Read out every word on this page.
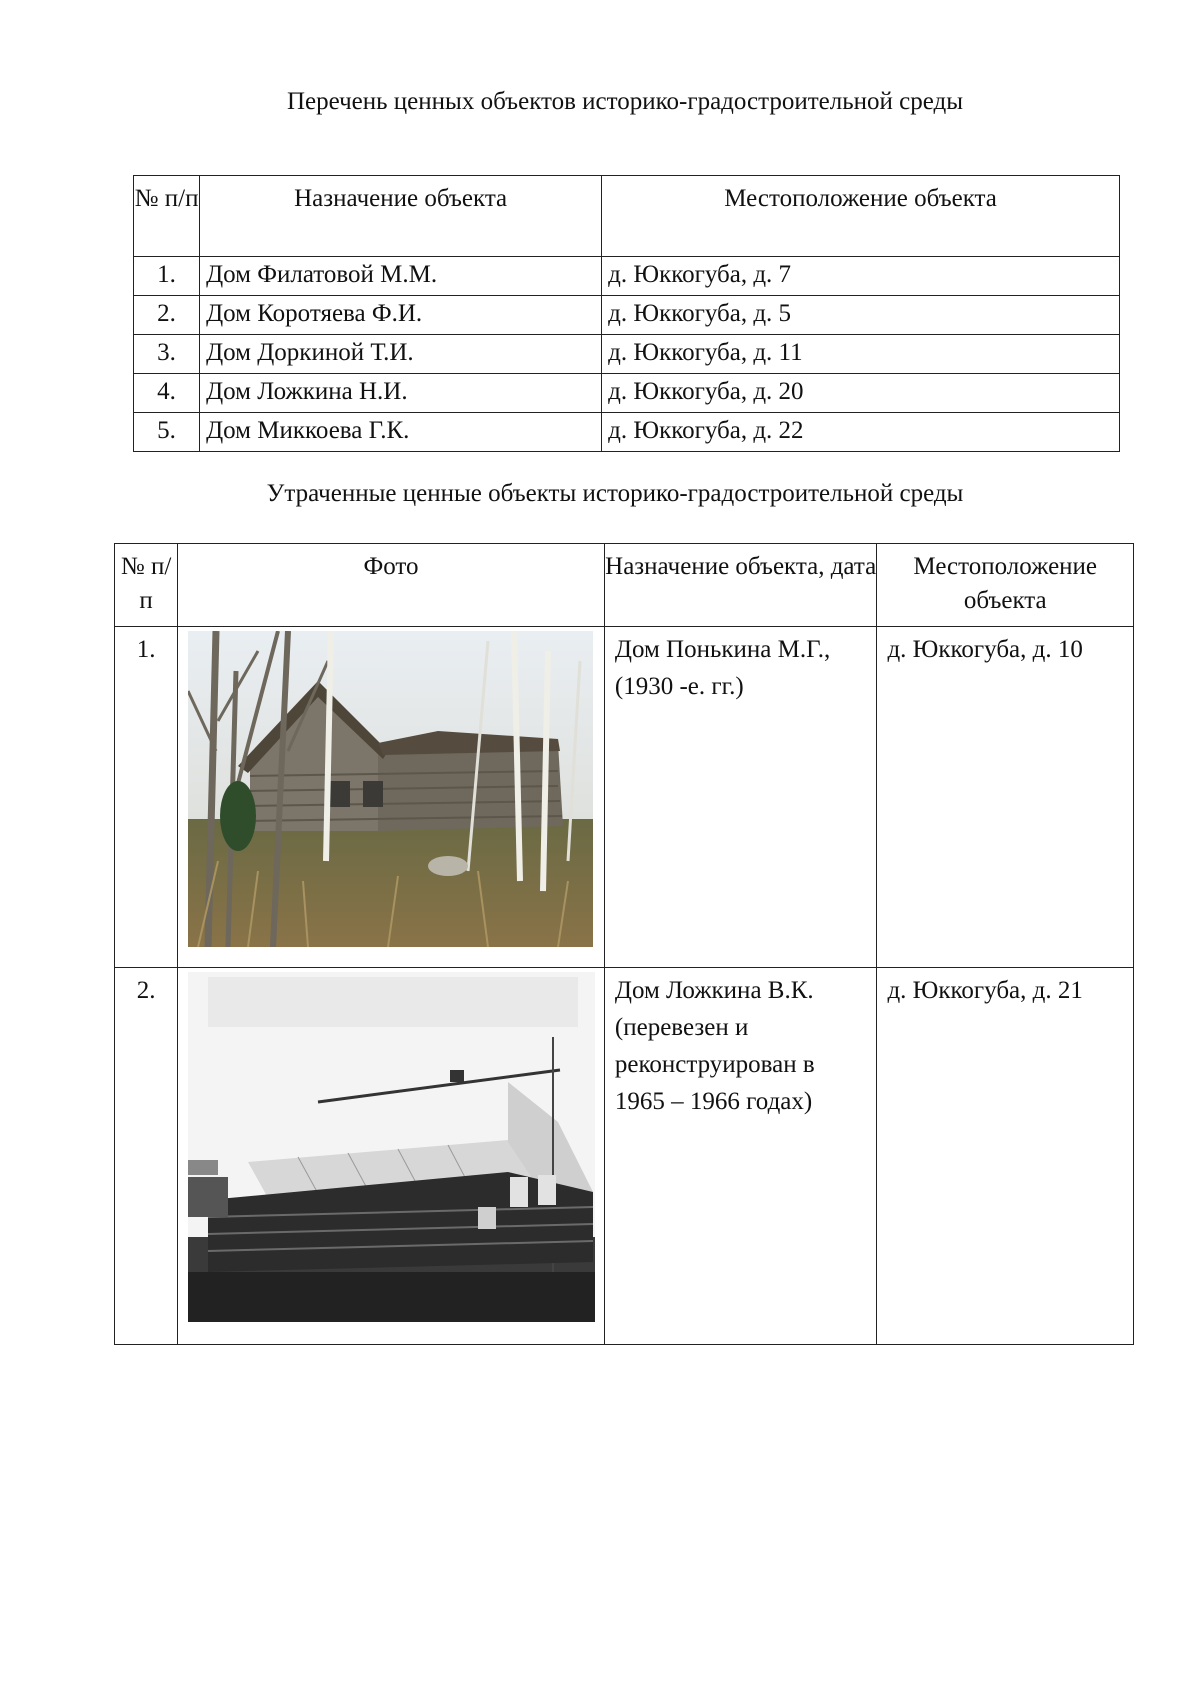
Перечень ценных объектов историко-градостроительной среды
№ п/п	Назначение объекта	Местоположение объекта
1.	Дом Филатовой М.М.	д. Юккогуба, д. 7
2.	Дом Коротяева Ф.И.	д. Юккогуба, д. 5
3.	Дом Доркиной Т.И.	д. Юккогуба, д. 11
4.	Дом Ложкина Н.И.	д. Юккогуба, д. 20
5.	Дом Миккоева Г.К.	д. Юккогуба, д. 22
Утраченные ценные объекты историко-градостроительной среды
№ п/п	Фото	Назначение объекта, дата	Местоположение объекта
1.		Дом Понькина М.Г., (1930 -е. гг.)	д. Юккогуба, д. 10
2.		Дом Ложкина В.К. (перевезен и реконструирован в 1965 – 1966 годах)	д. Юккогуба, д. 21
